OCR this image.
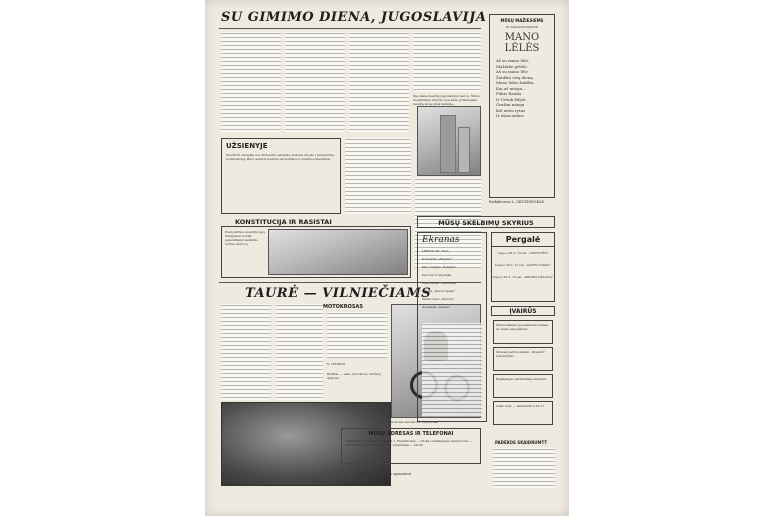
SU GIMIMO DIENA, JUGOSLAVIJA
Šią dieną švenčia Jugoslavijos tautos. Šiltus sveikinimus siunčia visa šalis, prisimenant bendrą kovą prieš fašizmą.
MŪSŲ MAŽIESIEMS
M. MALINAUSKAITĖ
MANO LĖLĖS
Aš su mano lėle,
Mažiukė gėlele.
Aš su mano lėle
Žaidžiu visą dieną.
Mano lėlės žaidžia,
Kai aš miegu...
Pūkis Rauba
Ir Uršuk lėlytė
Gražiai miega
Kol ateis rytas
Ir ašiai nubus
Redaktorius L. GRUZDINSKAS
UŽSIENYJE
VILNIUS. Daugiau nei dvidešimt valstybių atstovai atvyko į tarptautinę konferenciją. Buvo aptarti svarbūs ekonomikos ir kultūros klausimai.
KONSTITUCIJA IR RASISTAI
Pietų Afrikos konstitucijos straipsniai nuolat pažeidžiami rasistinio režimo atstovų.
TAURĖ — VILNIEČIAMS
MOTOKROSAS
S. LENIKAS
Bėdžiai, — sako motokroso varžybų dalyviai.
Sostinės motokroso čempionas
MŪSŲ ADRESAS IR TELEFONAI
PANEVĖŽYS, Savanorių aikštė 1. Redaktorius — 26-44; atsakingasis sekretorius — 20-39; skyriai — 23-42, 21-33; priėmimas — 24-56.
Spaustuvė Panevėžio spaustuvė
MŪSŲ SKELBIMŲ SKYRIUS
Ekranas
LIEPOS 26—30 d.
Koncertai „Žalgirio“
Kino teatras „Žemyna“
Parodos ir muziejai
Restoranas „Nemunas“
Kavinė „Kavos namai“
Parduotuvė „Vyturys“
Žemaitija „Tauras“
Pergalė
Liepos 28 d. 19 val. „VESTUVĖS“
Liepos 28 d. 12 val. „KATĖS NAMAI“
Liepos 29 d. 19 val. „KRUKIS DELUNA“
ĮVAIRŪS
Parduodamas gyvenamasis namas su visais patogumais.
Skubiai parduodamas „Moskvič“ automobilis.
Reikalingas darbininkas statybai.
Ieško buto — skambinti 2-43-17.
PADĖKOS SKAIDRUMTT
